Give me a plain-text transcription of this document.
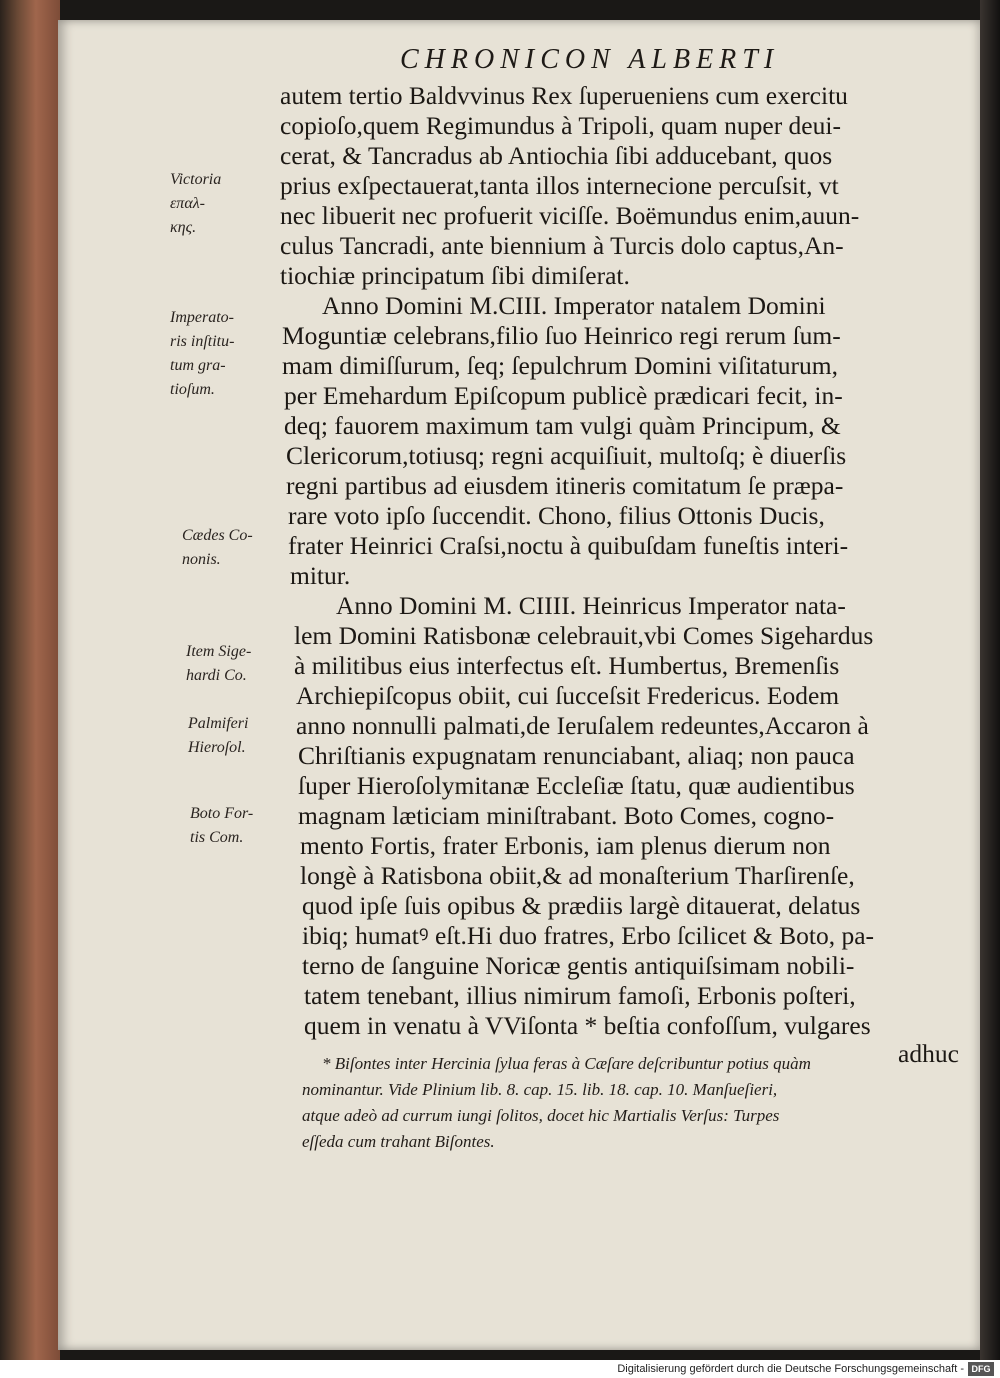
CHRONICON ALBERTI
autem tertio Baldvvinus Rex ſuperueniens cum exercitu
copioſo,quem Regimundus à Tripoli, quam nuper deui-
cerat, & Tancradus ab Antiochia ſibi adducebant, quos
prius exſpectauerat,tanta illos internecione percuſsit, vt
nec libuerit nec profuerit viciſſe. Boëmundus enim,auun-
culus Tancradi, ante biennium à Turcis dolo captus,An-
tiochiæ principatum ſibi dimiſerat.
Anno Domini M.CIII. Imperator natalem Domini
Moguntiæ celebrans,filio ſuo Heinrico regi rerum ſum-
mam dimiſſurum, ſeq; ſepulchrum Domini viſitaturum,
per Emehardum Epiſcopum publicè prædicari fecit, in-
deq; fauorem maximum tam vulgi quàm Principum, &
Clericorum,totiusq; regni acquiſiuit, multoſq; è diuerſis
regni partibus ad eiusdem itineris comitatum ſe præpa-
rare voto ipſo ſuccendit. Chono, filius Ottonis Ducis,
frater Heinrici Craſsi,noctu à quibuſdam funeſtis interi-
mitur.
Anno Domini M. CIIII. Heinricus Imperator nata-
lem Domini Ratisbonæ celebrauit,vbi Comes Sigehardus
à militibus eius interfectus eſt. Humbertus, Bremenſis
Archiepiſcopus obiit, cui ſucceſsit Fredericus. Eodem
anno nonnulli palmati,de Ieruſalem redeuntes,Accaron à
Chriſtianis expugnatam renunciabant, aliaq; non pauca
ſuper Hieroſolymitanæ Eccleſiæ ſtatu, quæ audientibus
magnam læticiam miniſtrabant. Boto Comes, cogno-
mento Fortis, frater Erbonis, iam plenus dierum non
longè à Ratisbona obiit,& ad monaſterium Tharſirenſe,
quod ipſe ſuis opibus & prædiis largè ditauerat, delatus
ibiq; humatꝰ eſt.Hi duo fratres, Erbo ſcilicet & Boto, pa-
terno de ſanguine Noricæ gentis antiquiſsimam nobili-
tatem tenebant, illius nimirum famoſi, Erbonis poſteri,
quem in venatu à VViſonta * beſtia confoſſum, vulgares
adhuc
Victoria
επαλ-
κης.
Imperato-
ris inſtitu-
tum gra-
tioſum.
Cædes Co-
nonis.
Item Sige-
hardi Co.
Palmiferi
Hieroſol.
Boto For-
tis Com.
* Biſontes inter Hercinia ſylua feras à Cæſare deſcribuntur potius quàm
nominantur. Vide Plinium lib. 8. cap. 15. lib. 18. cap. 10. Manſueſieri,
atque adeò ad currum iungi ſolitos, docet hic Martialis Verſus: Turpes
eſſeda cum trahant Biſontes.
Digitalisierung gefördert durch die Deutsche Forschungsgemeinschaft - DFG
